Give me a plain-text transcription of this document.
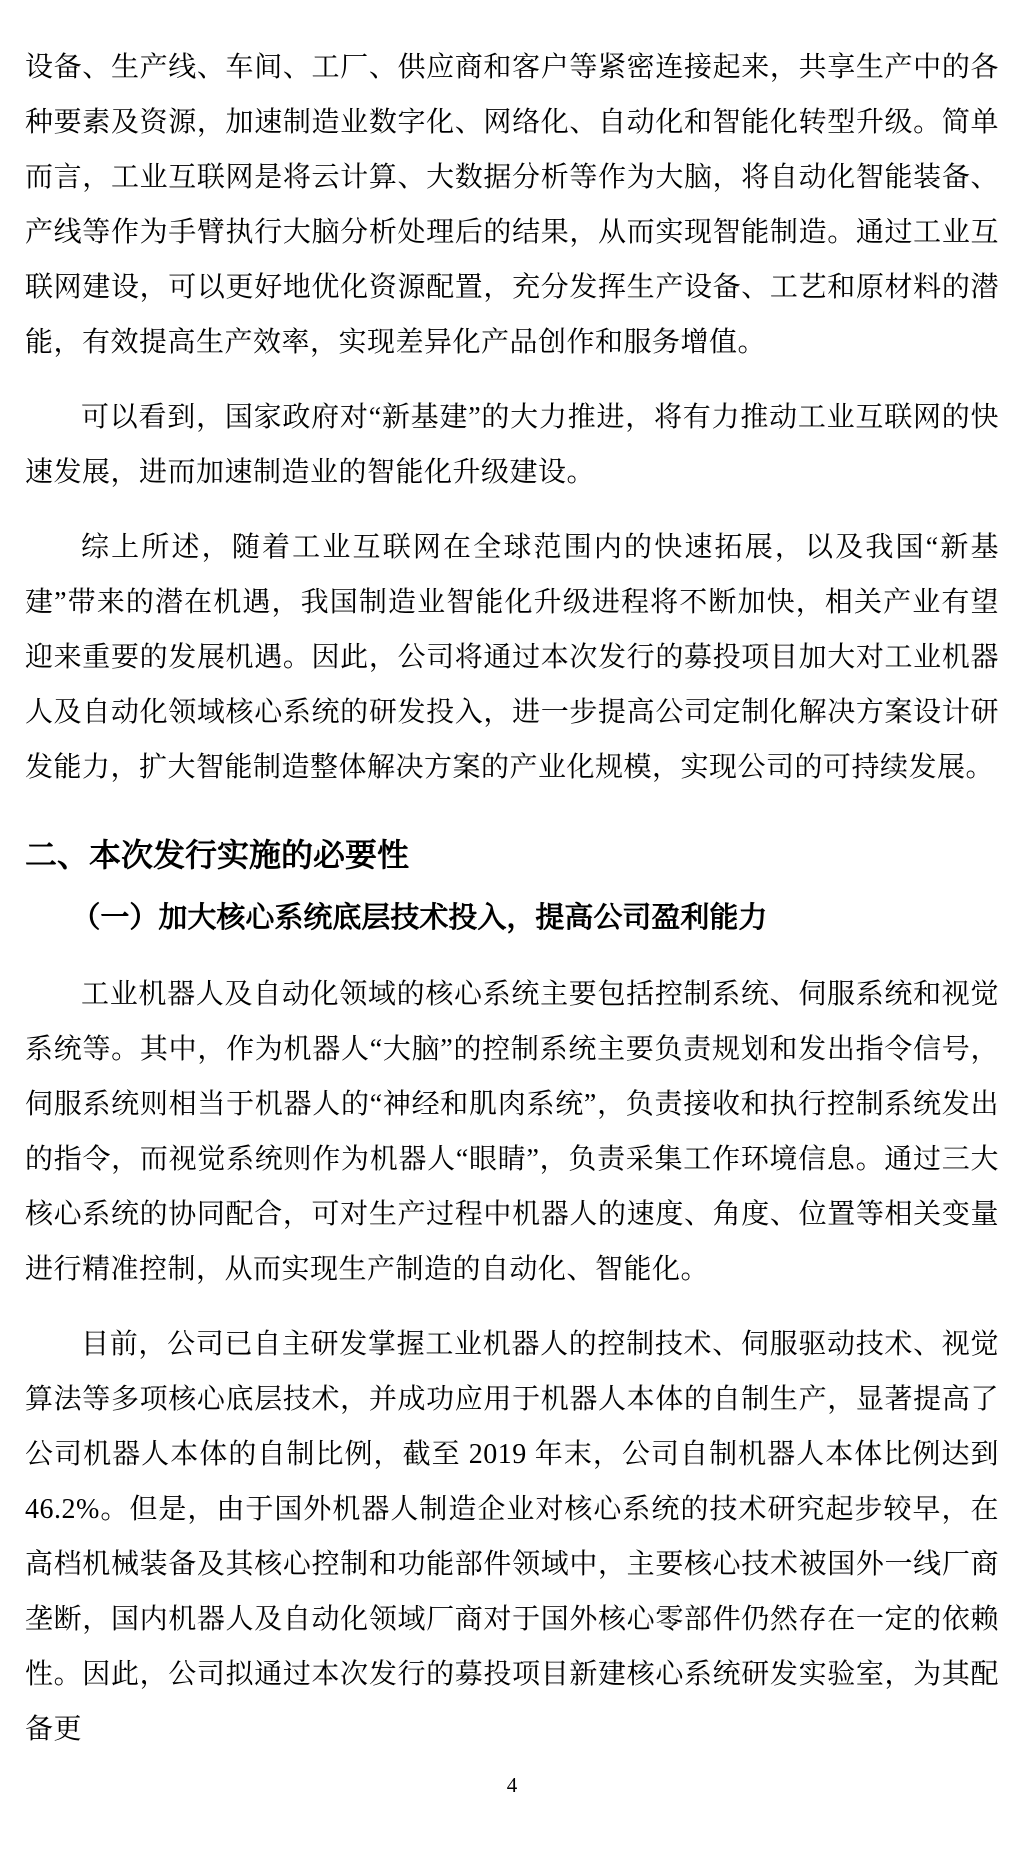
设备、生产线、车间、工厂、供应商和客户等紧密连接起来，共享生产中的各种要素及资源，加速制造业数字化、网络化、自动化和智能化转型升级。简单而言，工业互联网是将云计算、大数据分析等作为大脑，将自动化智能装备、产线等作为手臂执行大脑分析处理后的结果，从而实现智能制造。通过工业互联网建设，可以更好地优化资源配置，充分发挥生产设备、工艺和原材料的潜能，有效提高生产效率，实现差异化产品创作和服务增值。

可以看到，国家政府对“新基建”的大力推进，将有力推动工业互联网的快速发展，进而加速制造业的智能化升级建设。

综上所述，随着工业互联网在全球范围内的快速拓展，以及我国“新基建”带来的潜在机遇，我国制造业智能化升级进程将不断加快，相关产业有望迎来重要的发展机遇。因此，公司将通过本次发行的募投项目加大对工业机器人及自动化领域核心系统的研发投入，进一步提高公司定制化解决方案设计研发能力，扩大智能制造整体解决方案的产业化规模，实现公司的可持续发展。

二、本次发行实施的必要性
（一）加大核心系统底层技术投入，提高公司盈利能力

工业机器人及自动化领域的核心系统主要包括控制系统、伺服系统和视觉系统等。其中，作为机器人“大脑”的控制系统主要负责规划和发出指令信号，伺服系统则相当于机器人的“神经和肌肉系统”，负责接收和执行控制系统发出的指令，而视觉系统则作为机器人“眼睛”，负责采集工作环境信息。通过三大核心系统的协同配合，可对生产过程中机器人的速度、角度、位置等相关变量进行精准控制，从而实现生产制造的自动化、智能化。

目前，公司已自主研发掌握工业机器人的控制技术、伺服驱动技术、视觉算法等多项核心底层技术，并成功应用于机器人本体的自制生产，显著提高了公司机器人本体的自制比例，截至 2019 年末，公司自制机器人本体比例达到 46.2%。但是，由于国外机器人制造企业对核心系统的技术研究起步较早，在高档机械装备及其核心控制和功能部件领域中，主要核心技术被国外一线厂商垄断，国内机器人及自动化领域厂商对于国外核心零部件仍然存在一定的依赖性。因此，公司拟通过本次发行的募投项目新建核心系统研发实验室，为其配备更

4
